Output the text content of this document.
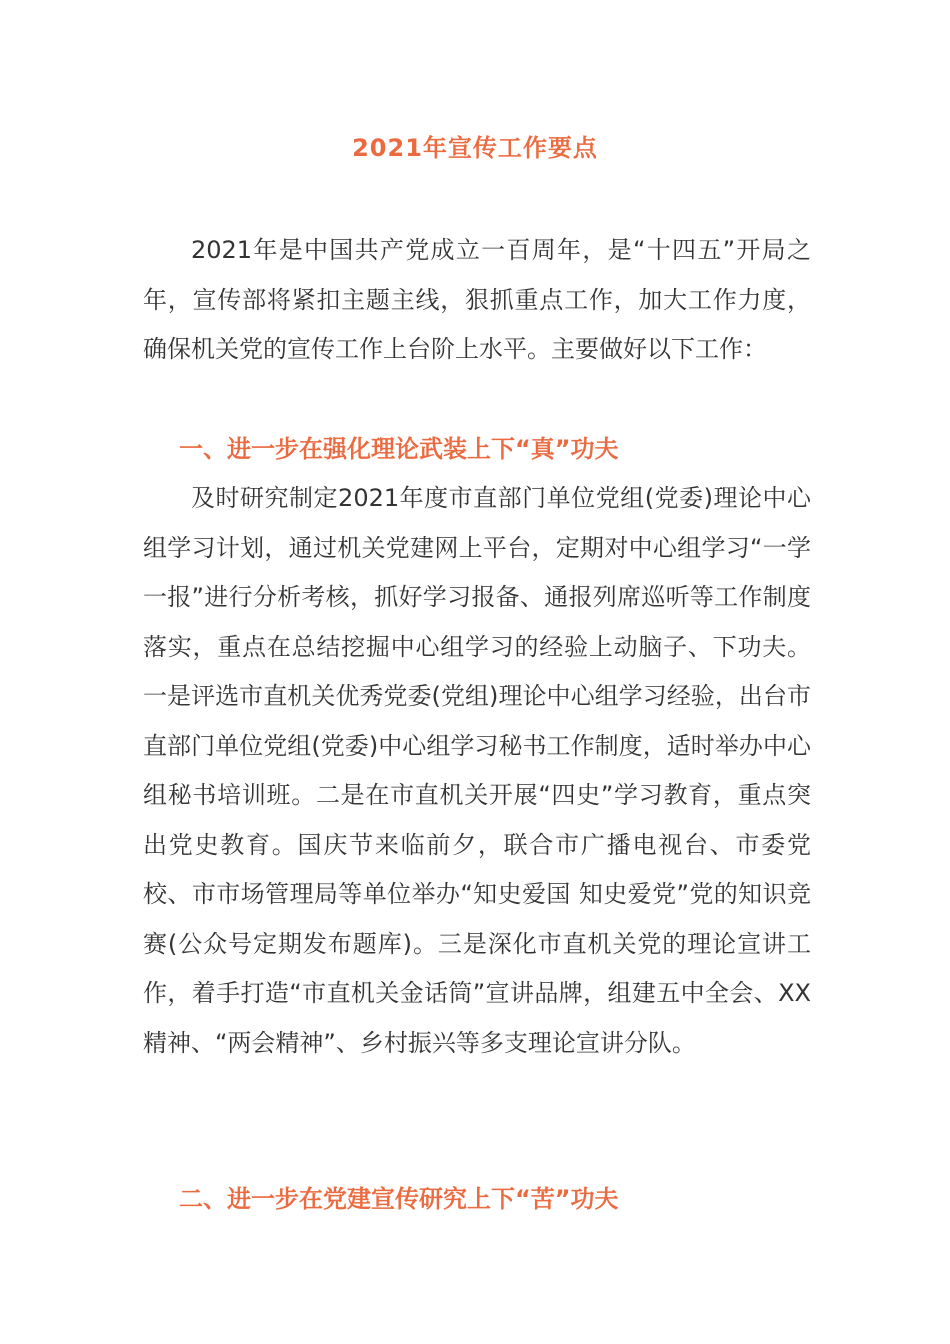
2021年宣传工作要点

2021年是中国共产党成立一百周年，是“十四五”开局之年，宣传部将紧扣主题主线，狠抓重点工作，加大工作力度，确保机关党的宣传工作上台阶上水平。主要做好以下工作：

一、进一步在强化理论武装上下“真”功夫

及时研究制定2021年度市直部门单位党组(党委)理论中心组学习计划，通过机关党建网上平台，定期对中心组学习“一学一报”进行分析考核，抓好学习报备、通报列席巡听等工作制度落实，重点在总结挖掘中心组学习的经验上动脑子、下功夫。一是评选市直机关优秀党委(党组)理论中心组学习经验，出台市直部门单位党组(党委)中心组学习秘书工作制度，适时举办中心组秘书培训班。二是在市直机关开展“四史”学习教育，重点突出党史教育。国庆节来临前夕，联合市广播电视台、市委党校、市市场管理局等单位举办“知史爱国 知史爱党”党的知识竞赛(公众号定期发布题库)。三是深化市直机关党的理论宣讲工作，着手打造“市直机关金话筒”宣讲品牌，组建五中全会、XX精神、“两会精神”、乡村振兴等多支理论宣讲分队。

二、进一步在党建宣传研究上下“苦”功夫
